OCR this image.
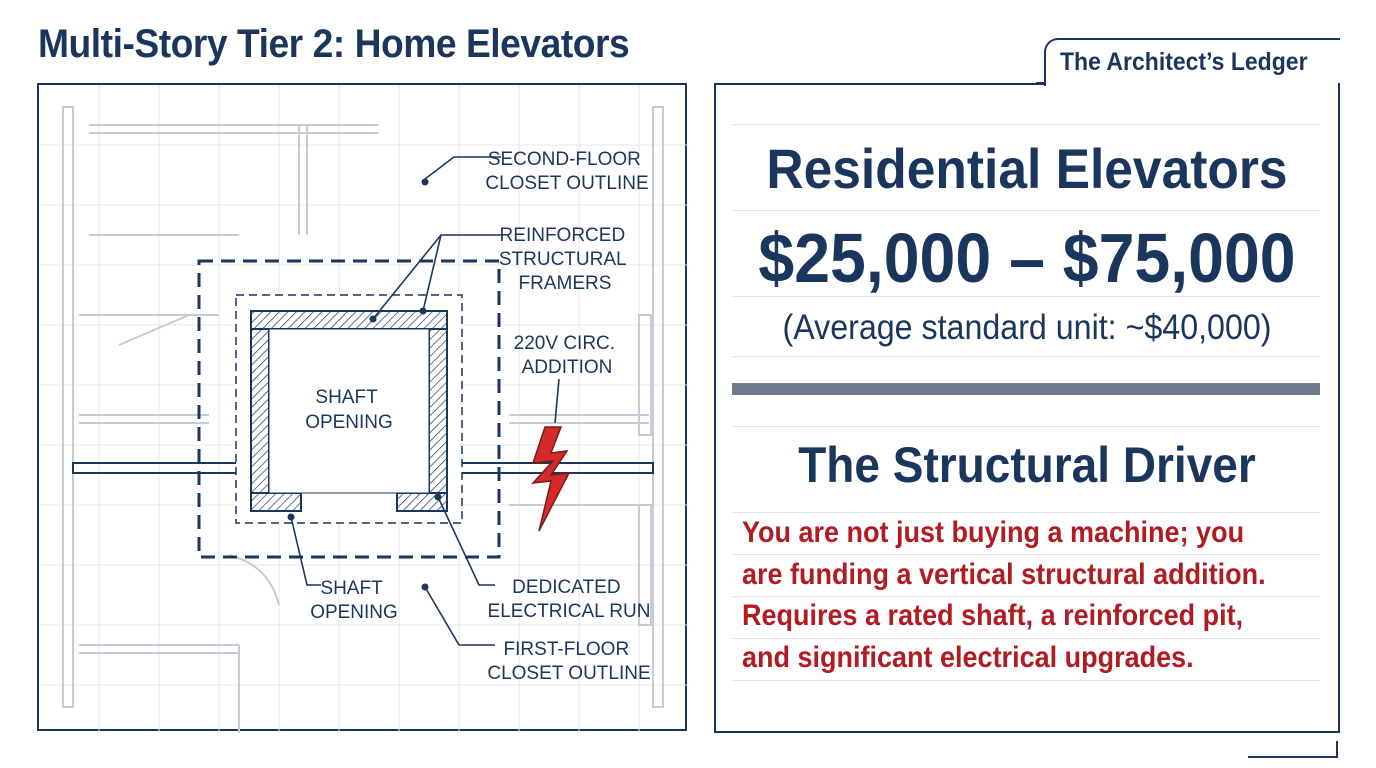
Multi-Story Tier 2: Home Elevators	The Architect’s Ledger
SHAFT OPENING
SECOND-FLOOR CLOSET OUTLINE
REINFORCED STRUCTURAL FRAMERS
220V CIRC. ADDITION
SHAFT OPENING
DEDICATED ELECTRICAL RUN
FIRST-FLOOR CLOSET OUTLINE
Residential Elevators
$25,000 – $75,000
(Average standard unit: ~$40,000)
The Structural Driver
You are not just buying a machine; you
are funding a vertical structural addition.
Requires a rated shaft, a reinforced pit,
and significant electrical upgrades.
